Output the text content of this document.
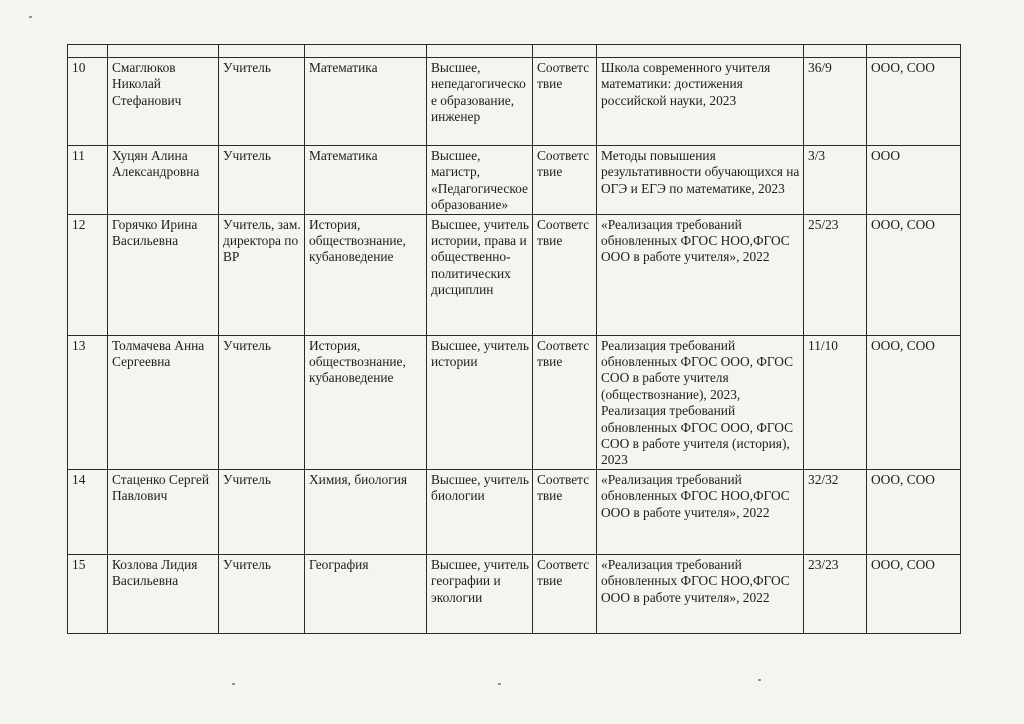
10	Смаглюков Николай Стефанович	Учитель	Математика	Высшее, непедагогическое образование, инженер	Соответствие	Школа современного учителя математики: достижения российской науки, 2023	36/9	ООО, СОО
11	Хуцян Алина Александровна	Учитель	Математика	Высшее, магистр, «Педагогическое образование»	Соответствие	Методы повышения результативности обучающихся на ОГЭ и ЕГЭ по математике, 2023	3/3	ООО
12	Горячко Ирина Васильевна	Учитель, зам. директора по ВР	История, обществознание, кубановедение	Высшее, учитель истории, права и общественно-политических дисциплин	Соответствие	«Реализация требований обновленных ФГОС НОО,ФГОС ООО в работе учителя», 2022	25/23	ООО, СОО
13	Толмачева Анна Сергеевна	Учитель	История, обществознание, кубановедение	Высшее, учитель истории	Соответствие	Реализация требований обновленных ФГОС ООО, ФГОС СОО в работе учителя (обществознание), 2023, Реализация требований обновленных ФГОС ООО, ФГОС СОО в работе учителя (история), 2023	11/10	ООО, СОО
14	Стаценко Сергей Павлович	Учитель	Химия, биология	Высшее, учитель биологии	Соответствие	«Реализация требований обновленных ФГОС НОО,ФГОС ООО в работе учителя», 2022	32/32	ООО, СОО
15	Козлова Лидия Васильевна	Учитель	География	Высшее, учитель географии и экологии	Соответствие	«Реализация требований обновленных ФГОС НОО,ФГОС ООО в работе учителя», 2022	23/23	ООО, СОО
